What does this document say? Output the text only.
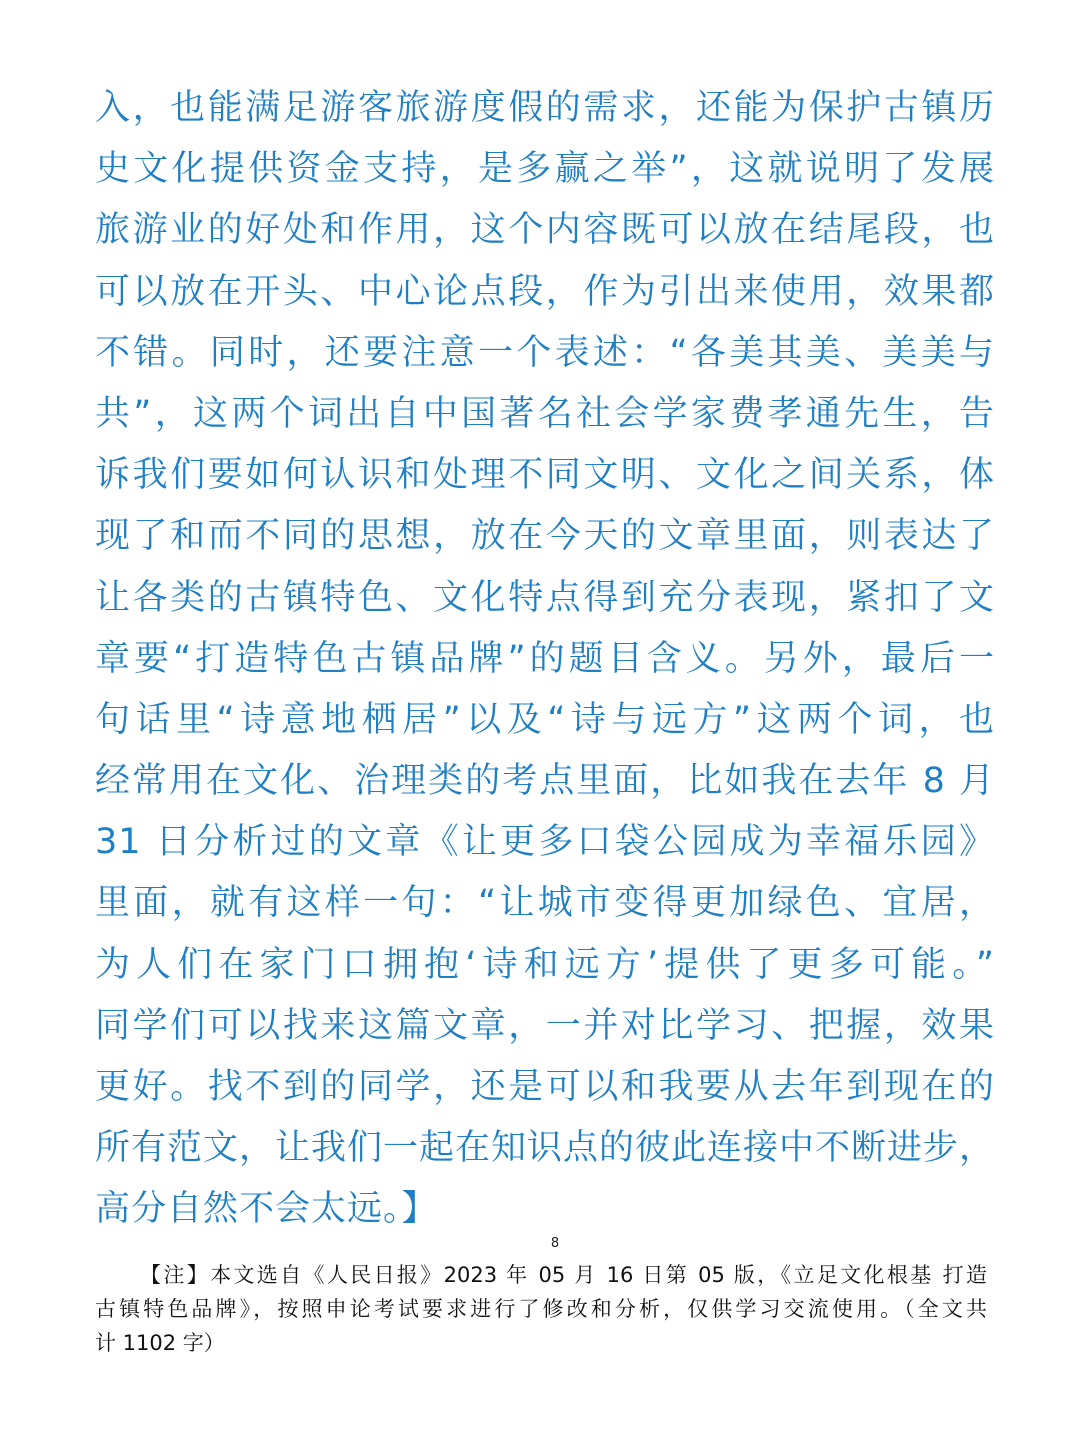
入，也能满足游客旅游度假的需求，还能为保护古镇历
史文化提供资金支持，是多赢之举”，这就说明了发展
旅游业的好处和作用，这个内容既可以放在结尾段，也
可以放在开头、中心论点段，作为引出来使用，效果都
不错。同时，还要注意一个表述：“各美其美、美美与
共”，这两个词出自中国著名社会学家费孝通先生，告
诉我们要如何认识和处理不同文明、文化之间关系，体
现了和而不同的思想，放在今天的文章里面，则表达了
让各类的古镇特色、文化特点得到充分表现，紧扣了文
章要“打造特色古镇品牌”的题目含义。另外，最后一
句话里“诗意地栖居”以及“诗与远方”这两个词，也
经常用在文化、治理类的考点里面，比如我在去年 8 月
31 日分析过的文章《让更多口袋公园成为幸福乐园》
里面，就有这样一句：“让城市变得更加绿色、宜居，
为人们在家门口拥抱‘诗和远方’提供了更多可能。”
同学们可以找来这篇文章，一并对比学习、把握，效果
更好。找不到的同学，还是可以和我要从去年到现在的
所有范文，让我们一起在知识点的彼此连接中不断进步，
高分自然不会太远。】
8
【注】本文选自《人民日报》2023 年 05 月 16 日第 05 版，《立足文化根基 打造
古镇特色品牌》，按照申论考试要求进行了修改和分析，仅供学习交流使用。（全文共
计 1102 字）
